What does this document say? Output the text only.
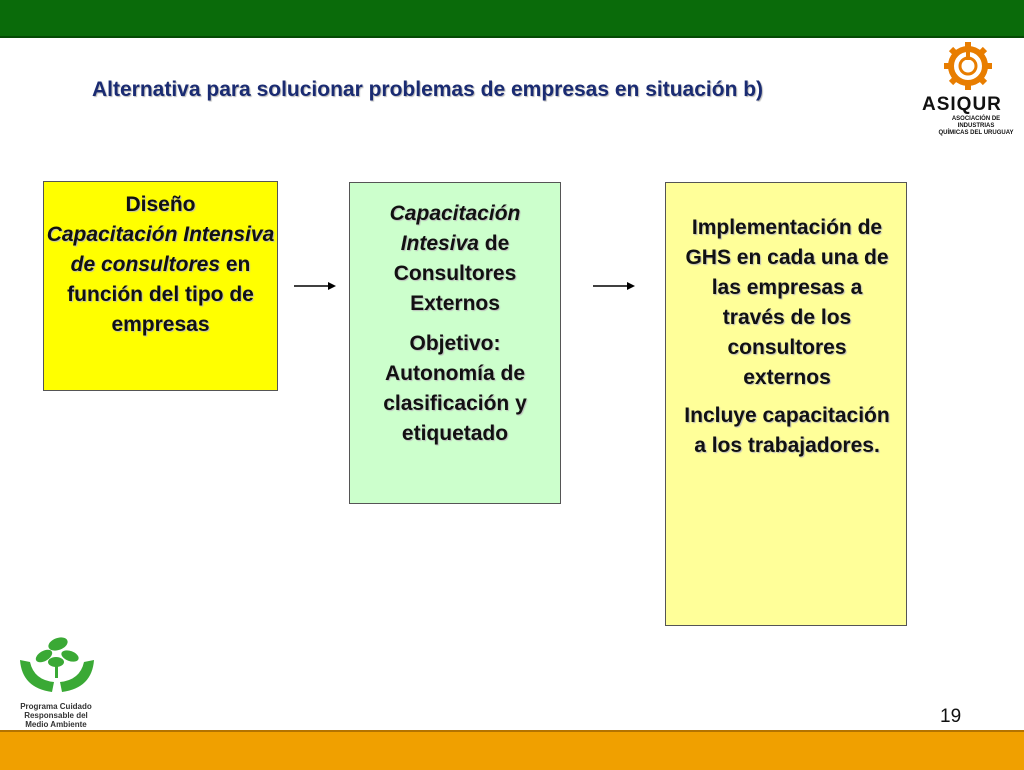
Alternativa para solucionar problemas de empresas en situación b)
ASIQUR
ASOCIACIÓN DE INDUSTRIAS
QUÍMICAS DEL URUGUAY

Diseño
Capacitación Intensiva de consultores en función del tipo de empresas

Capacitación Intesiva de Consultores Externos

Objetivo: Autonomía de clasificación y etiquetado

Implementación de GHS en cada una de las empresas a través de los consultores externos

Incluye capacitación a los trabajadores.

Programa Cuidado
Responsable del
Medio Ambiente	19
